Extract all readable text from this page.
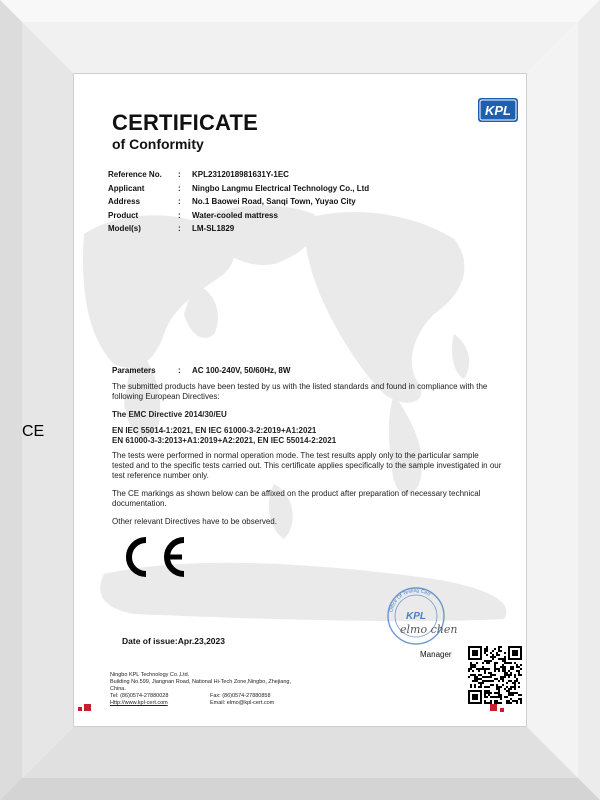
CERTIFICATE
of Conformity
KPL
Reference No.	:	KPL2312018981631Y-1EC
Applicant	:	Ningbo Langmu Electrical Technology Co., Ltd
Address	:	No.1 Baowei Road, Sanqi Town, Yuyao City
Product	:	Water-cooled mattress
Model(s)	:	LM-SL1829
Parameters	:	AC 100-240V, 50/60Hz, 8W
The submitted products have been tested by us with the listed standards and found in compliance with the following European Directives:
The EMC Directive 2014/30/EU
EN IEC 55014-1:2021, EN IEC 61000-3-2:2019+A1:2021
EN 61000-3-3:2013+A1:2019+A2:2021, EN IEC 55014-2:2021
The tests were performed in normal operation mode. The test results apply only to the particular sample tested and to the specific tests carried out. This certificate applies specifically to the sample investigated in our test reference number only.
The CE markings as shown below can be affixed on the product after preparation of necessary technical documentation.
Other relevant Directives have to be observed.
CE
Office Of Testing Cert
KPL
elmo chen
Date of issue:Apr.23,2023
Manager
Ningbo KPL Technology Co.,Ltd.
Building No.599, Jiangnan Road, National Hi-Tech Zone,Ningbo, Zhejiang,
China.
Tel: (86)0574-27880028	Fax: (86)0574-27880858
Http://www.kpl-cert.com	Email: elmo@kpl-cert.com
